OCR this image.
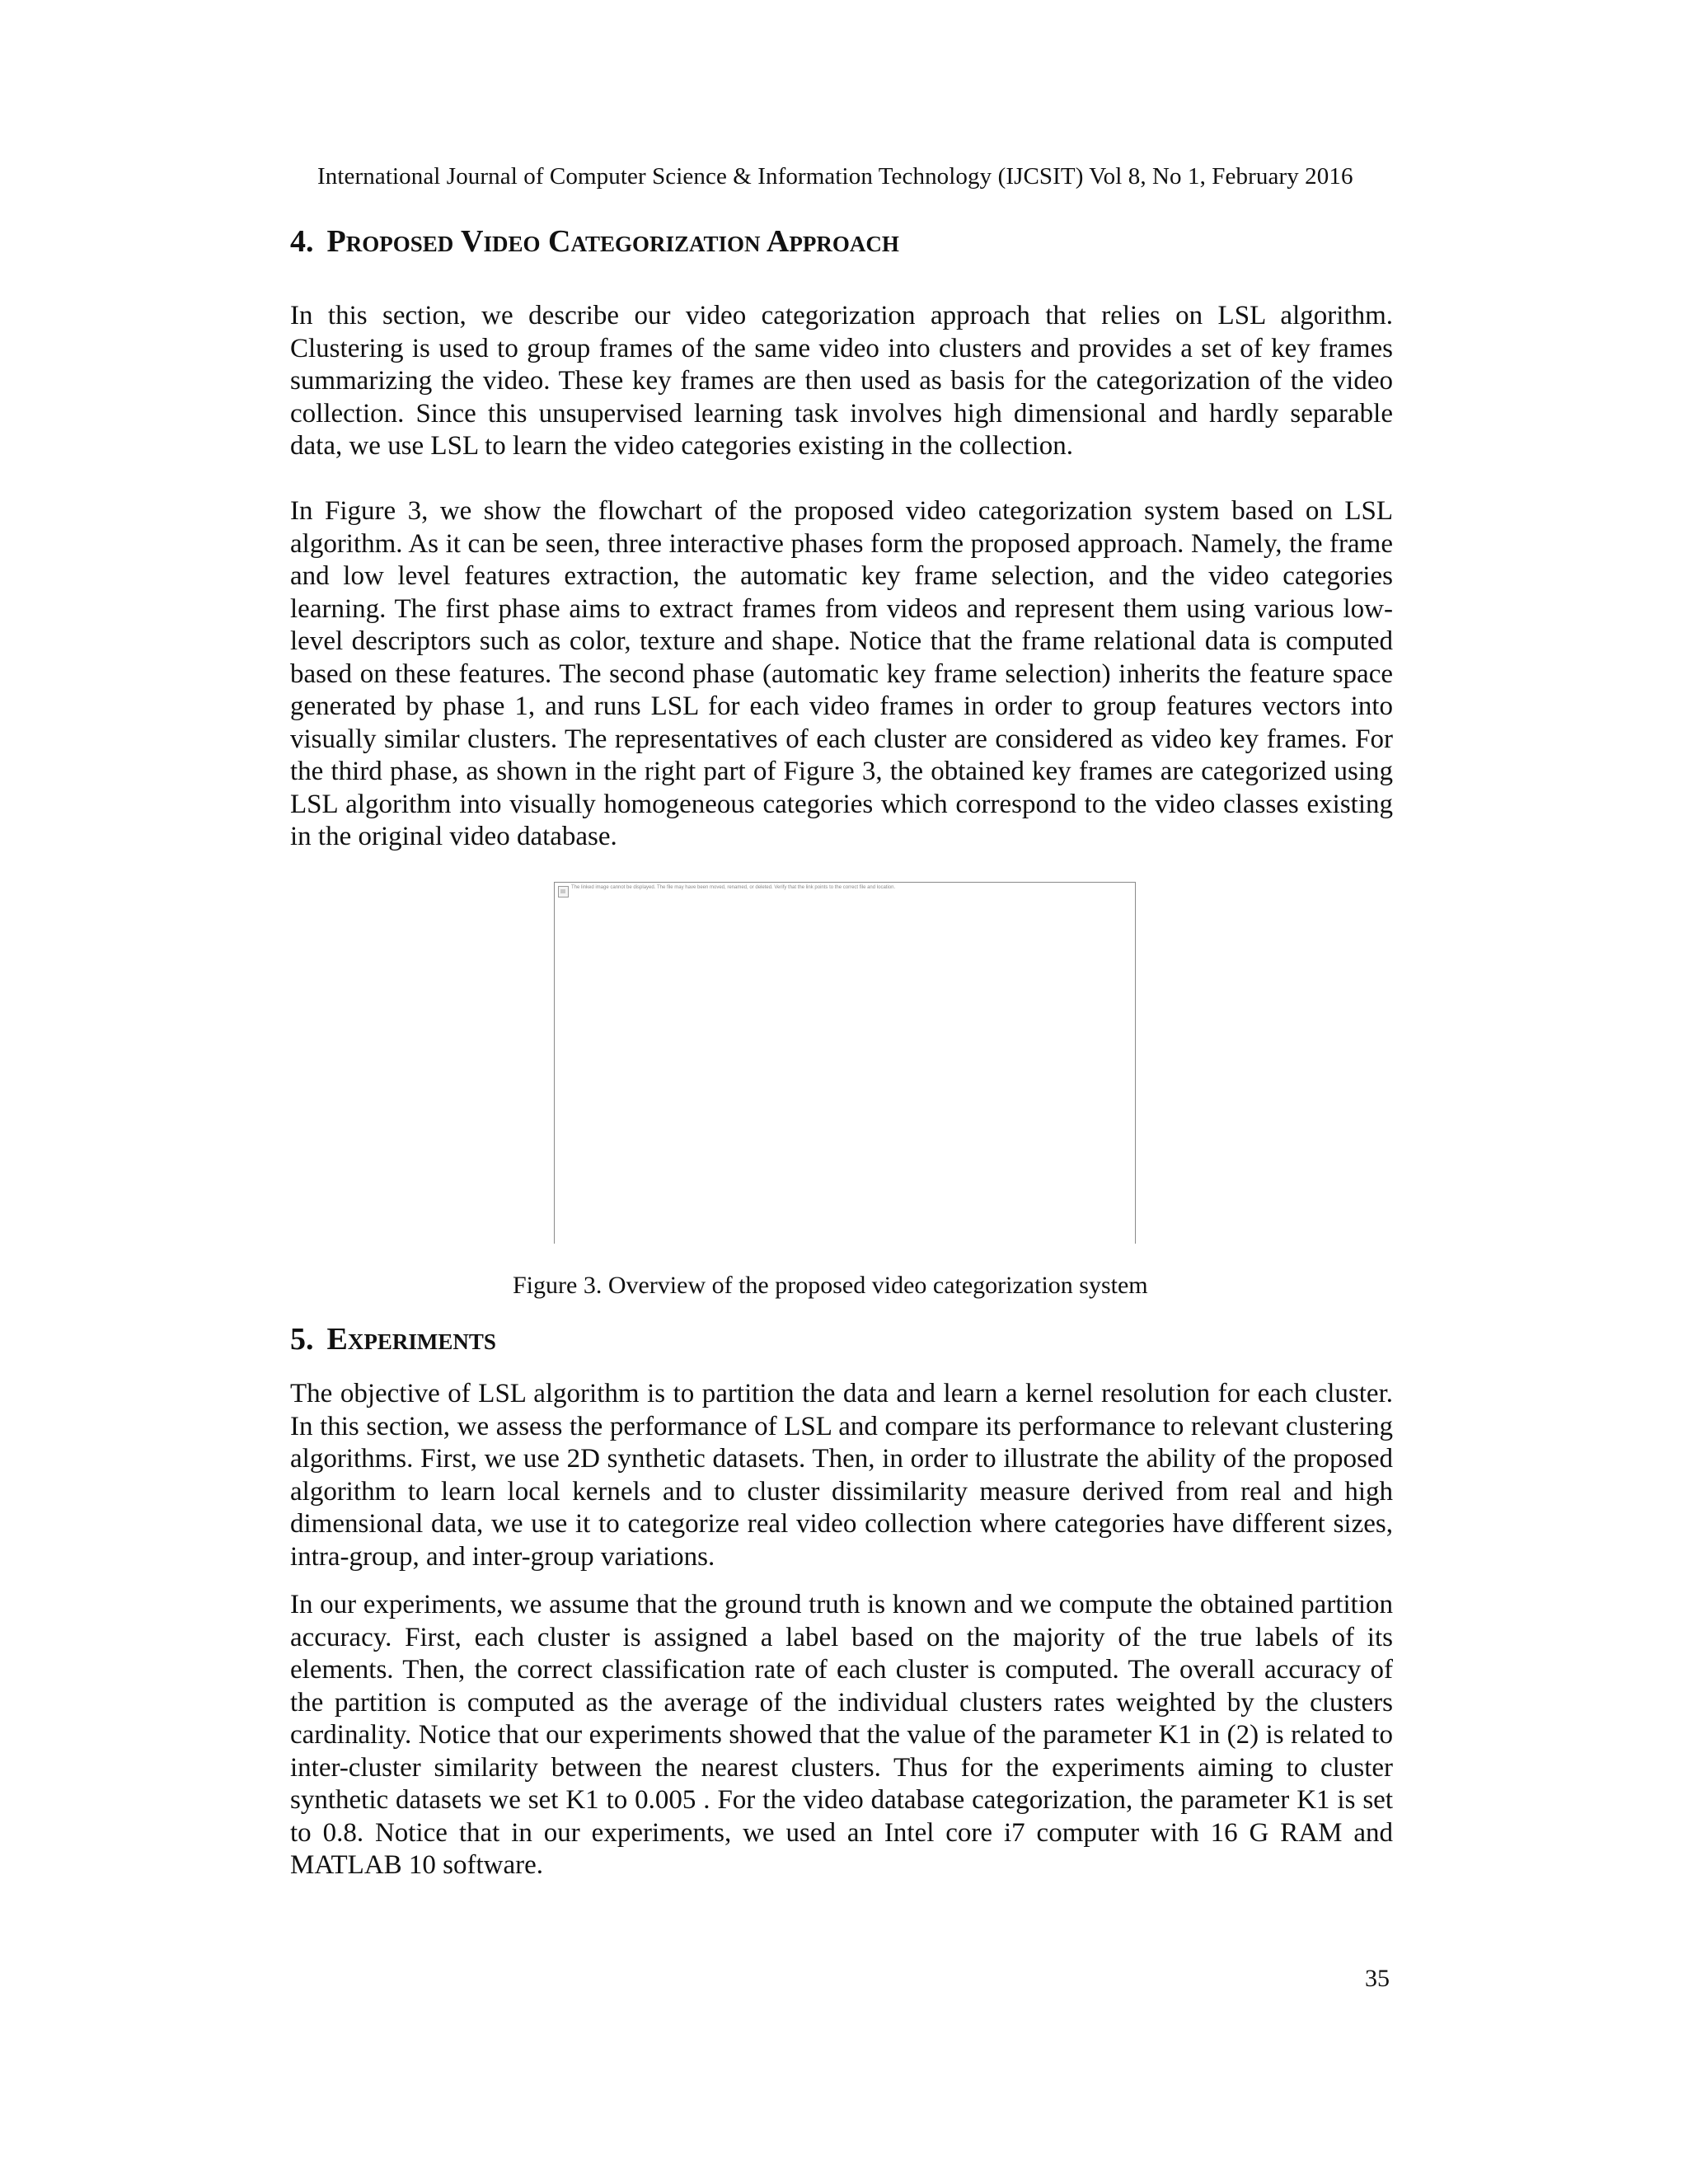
International Journal of Computer Science & Information Technology (IJCSIT) Vol 8, No 1, February 2016
4. Proposed Video Categorization Approach

In this section, we describe our video categorization approach that relies on LSL algorithm. Clustering is used to group frames of the same video into clusters and provides a set of key frames summarizing the video. These key frames are then used as basis for the categorization of the video collection. Since this unsupervised learning task involves high dimensional and hardly separable data, we use LSL to learn the video categories existing in the collection.

In Figure 3, we show the flowchart of the proposed video categorization system based on LSL algorithm. As it can be seen, three interactive phases form the proposed approach. Namely, the frame and low level features extraction, the automatic key frame selection, and the video categories learning. The first phase aims to extract frames from videos and represent them using various low-level descriptors such as color, texture and shape. Notice that the frame relational data is computed based on these features. The second phase (automatic key frame selection) inherits the feature space generated by phase 1, and runs LSL for each video frames in order to group features vectors into visually similar clusters. The representatives of each cluster are considered as video key frames. For the third phase, as shown in the right part of Figure 3, the obtained key frames are categorized using LSL algorithm into visually homogeneous categories which correspond to the video classes existing in the original video database.

The linked image cannot be displayed. The file may have been moved, renamed, or deleted. Verify that the link points to the correct file and location.
Figure 3. Overview of the proposed video categorization system
5. Experiments

The objective of LSL algorithm is to partition the data and learn a kernel resolution for each cluster. In this section, we assess the performance of LSL and compare its performance to relevant clustering algorithms. First, we use 2D synthetic datasets. Then, in order to illustrate the ability of the proposed algorithm to learn local kernels and to cluster dissimilarity measure derived from real and high dimensional data, we use it to categorize real video collection where categories have different sizes, intra-group, and inter-group variations.

In our experiments, we assume that the ground truth is known and we compute the obtained partition accuracy. First, each cluster is assigned a label based on the majority of the true labels of its elements. Then, the correct classification rate of each cluster is computed. The overall accuracy of the partition is computed as the average of the individual clusters rates weighted by the clusters cardinality. Notice that our experiments showed that the value of the parameter K1 in (2) is related to inter-cluster similarity between the nearest clusters. Thus for the experiments aiming to cluster synthetic datasets we set K1 to 0.005 . For the video database categorization, the parameter K1 is set to 0.8. Notice that in our experiments, we used an Intel core i7 computer with 16 G RAM and MATLAB 10 software.

35
